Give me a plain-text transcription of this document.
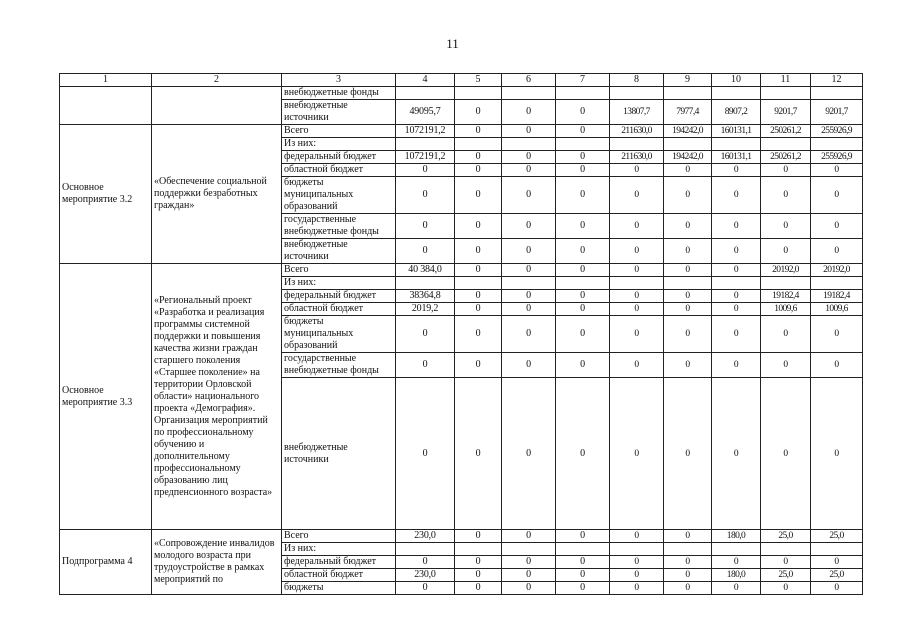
11
1	2	3	4	5	6	7	8	9	10	11	12
		внебюджетные фонды									
		внебюджетные источники	49095,7	0	0	0	13807,7	7977,4	8907,2	9201,7	9201,7
Основное мероприятие 3.2	«Обеспечение социальной поддержки безработных граждан»	Всего	1072191,2	0	0	0	211630,0	194242,0	160131,1	250261,2	255926,9
		Из них:									
		федеральный бюджет	1072191,2	0	0	0	211630,0	194242,0	160131,1	250261,2	255926,9
		областной бюджет	0	0	0	0	0	0	0	0	0
		бюджеты муниципальных образований	0	0	0	0	0	0	0	0	0
		государственные внебюджетные фонды	0	0	0	0	0	0	0	0	0
		внебюджетные источники	0	0	0	0	0	0	0	0	0
Основное мероприятие 3.3	«Региональный проект «Разработка и реализация программы системной поддержки и повышения качества жизни граждан старшего поколения «Старшее поколение» на территории Орловской области» национального проекта «Демография». Организация мероприятий по профессиональному обучению и дополнительному профессиональному образованию лиц предпенсионного возраста»	Всего	40 384,0	0	0	0	0	0	0	20192,0	20192,0
		Из них:									
		федеральный бюджет	38364,8	0	0	0	0	0	0	19182,4	19182,4
		областной бюджет	2019,2	0	0	0	0	0	0	1009,6	1009,6
		бюджеты муниципальных образований	0	0	0	0	0	0	0	0	0
		государственные внебюджетные фонды	0	0	0	0	0	0	0	0	0
		внебюджетные источники	0	0	0	0	0	0	0	0	0
Подпрограмма 4	«Сопровождение инвалидов молодого возраста при трудоустройстве в рамках мероприятий по	Всего	230,0	0	0	0	0	0	180,0	25,0	25,0
		Из них:									
		федеральный бюджет	0	0	0	0	0	0	0	0	0
		областной бюджет	230,0	0	0	0	0	0	180,0	25,0	25,0
		бюджеты	0	0	0	0	0	0	0	0	0
